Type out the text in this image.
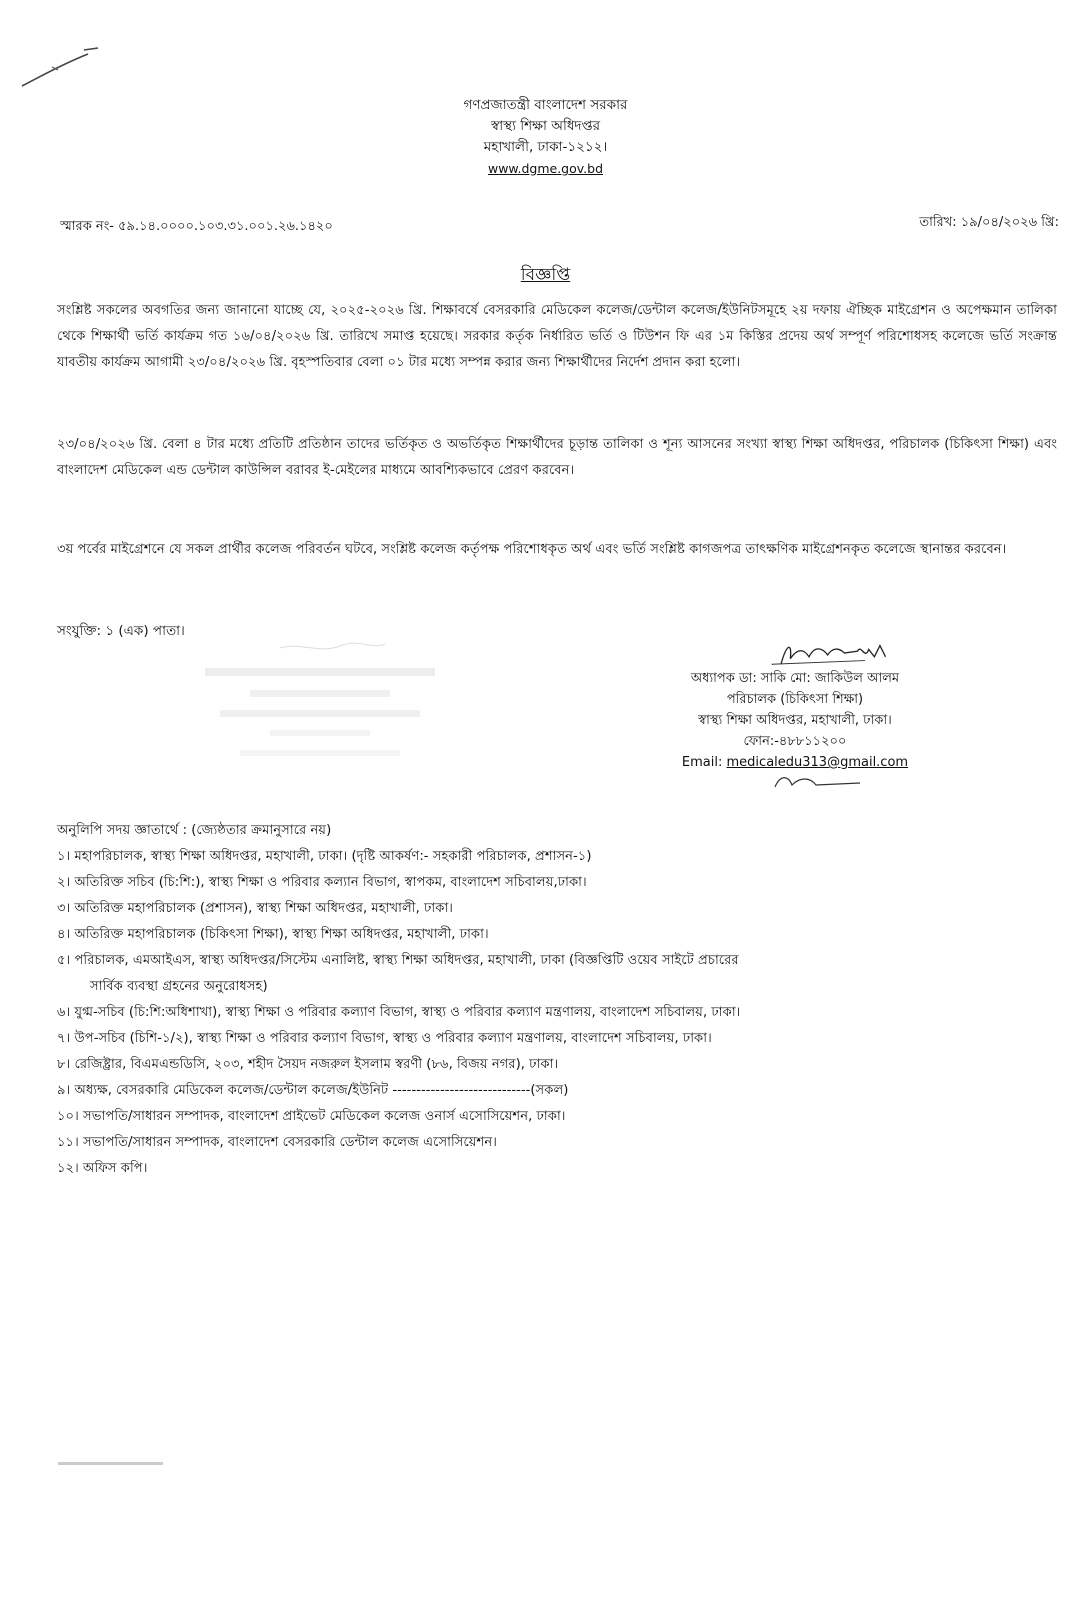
গণপ্রজাতন্ত্রী বাংলাদেশ সরকার
স্বাস্থ্য শিক্ষা অধিদপ্তর
মহাখালী, ঢাকা-১২১২।
www.dgme.gov.bd
স্মারক নং- ৫৯.১৪.০০০০.১০৩.৩১.০০১.২৬.১৪২০	তারিখ: ১৯/০৪/২০২৬ খ্রি:
বিজ্ঞপ্তি
সংশ্লিষ্ট সকলের অবগতির জন্য জানানো যাচ্ছে যে, ২০২৫-২০২৬ খ্রি. শিক্ষাবর্ষে বেসরকারি মেডিকেল কলেজ/ডেন্টাল কলেজ/ইউনিটসমূহে ২য় দফায় ঐচ্ছিক মাইগ্রেশন ও অপেক্ষমান তালিকা থেকে শিক্ষার্থী ভর্তি কার্যক্রম গত ১৬/০৪/২০২৬ খ্রি. তারিখে সমাপ্ত হয়েছে। সরকার কর্তৃক নির্ধারিত ভর্তি ও টিউশন ফি এর ১ম কিস্তির প্রদেয় অর্থ সম্পূর্ণ পরিশোধসহ কলেজে ভর্তি সংক্রান্ত যাবতীয় কার্যক্রম আগামী ২৩/০৪/২০২৬ খ্রি. বৃহস্পতিবার বেলা ০১ টার মধ্যে সম্পন্ন করার জন্য শিক্ষার্থীদের নির্দেশ প্রদান করা হলো।
২৩/০৪/২০২৬ খ্রি. বেলা ৪ টার মধ্যে প্রতিটি প্রতিষ্ঠান তাদের ভর্তিকৃত ও অভর্তিকৃত শিক্ষার্থীদের চূড়ান্ত তালিকা ও শূন্য আসনের সংখ্যা স্বাস্থ্য শিক্ষা অধিদপ্তর, পরিচালক (চিকিৎসা শিক্ষা) এবং বাংলাদেশ মেডিকেল এন্ড ডেন্টাল কাউন্সিল বরাবর ই-মেইলের মাধ্যমে আবশ্যিকভাবে প্রেরণ করবেন।
৩য় পর্বের মাইগ্রেশনে যে সকল প্রার্থীর কলেজ পরিবর্তন ঘটবে, সংশ্লিষ্ট কলেজ কর্তৃপক্ষ পরিশোধকৃত অর্থ এবং ভর্তি সংশ্লিষ্ট কাগজপত্র তাৎক্ষণিক মাইগ্রেশনকৃত কলেজে স্থানান্তর করবেন।
সংযুক্তি: ১ (এক) পাতা।
অধ্যাপক ডা: সাকি মো: জাকিউল আলম
পরিচালক (চিকিৎসা শিক্ষা)
স্বাস্থ্য শিক্ষা অধিদপ্তর, মহাখালী, ঢাকা।
ফোন:-৪৮৮১১২০০
Email: medicaledu313@gmail.com
অনুলিপি সদয় জ্ঞাতার্থে : (জ্যেষ্ঠতার ক্রমানুসারে নয়)
১। মহাপরিচালক, স্বাস্থ্য শিক্ষা অধিদপ্তর, মহাখালী, ঢাকা। (দৃষ্টি আকর্ষণ:- সহকারী পরিচালক, প্রশাসন-১)
২। অতিরিক্ত সচিব (চি:শি:), স্বাস্থ্য শিক্ষা ও পরিবার কল্যান বিভাগ, স্বাপকম, বাংলাদেশ সচিবালয়,ঢাকা।
৩। অতিরিক্ত মহাপরিচালক (প্রশাসন), স্বাস্থ্য শিক্ষা অধিদপ্তর, মহাখালী, ঢাকা।
৪। অতিরিক্ত মহাপরিচালক (চিকিৎসা শিক্ষা), স্বাস্থ্য শিক্ষা অধিদপ্তর, মহাখালী, ঢাকা।
৫। পরিচালক, এমআইএস, স্বাস্থ্য অধিদপ্তর/সিস্টেম এনালিষ্ট, স্বাস্থ্য শিক্ষা অধিদপ্তর, মহাখালী, ঢাকা (বিজ্ঞপ্তিটি ওয়েব সাইটে প্রচারের
সার্বিক ব্যবস্থা গ্রহনের অনুরোধসহ)
৬। যুগ্ম-সচিব (চি:শি:অধিশাখা), স্বাস্থ্য শিক্ষা ও পরিবার কল্যাণ বিভাগ, স্বাস্থ্য ও পরিবার কল্যাণ মন্ত্রণালয়, বাংলাদেশ সচিবালয়, ঢাকা।
৭। উপ-সচিব (চিশি-১/২), স্বাস্থ্য শিক্ষা ও পরিবার কল্যাণ বিভাগ, স্বাস্থ্য ও পরিবার কল্যাণ মন্ত্রণালয়, বাংলাদেশ সচিবালয়, ঢাকা।
৮। রেজিষ্ট্রার, বিএমএন্ডডিসি, ২০৩, শহীদ সৈয়দ নজরুল ইসলাম স্বরণী (৮৬, বিজয় নগর), ঢাকা।
৯। অধ্যক্ষ, বেসরকারি মেডিকেল কলেজ/ডেন্টাল কলেজ/ইউনিট -----------------------------(সকল)
১০। সভাপতি/সাধারন সম্পাদক, বাংলাদেশ প্রাইভেট মেডিকেল কলেজ ওনার্স এসোসিয়েশন, ঢাকা।
১১। সভাপতি/সাধারন সম্পাদক, বাংলাদেশ বেসরকারি ডেন্টাল কলেজ এসোসিয়েশন।
১২। অফিস কপি।
